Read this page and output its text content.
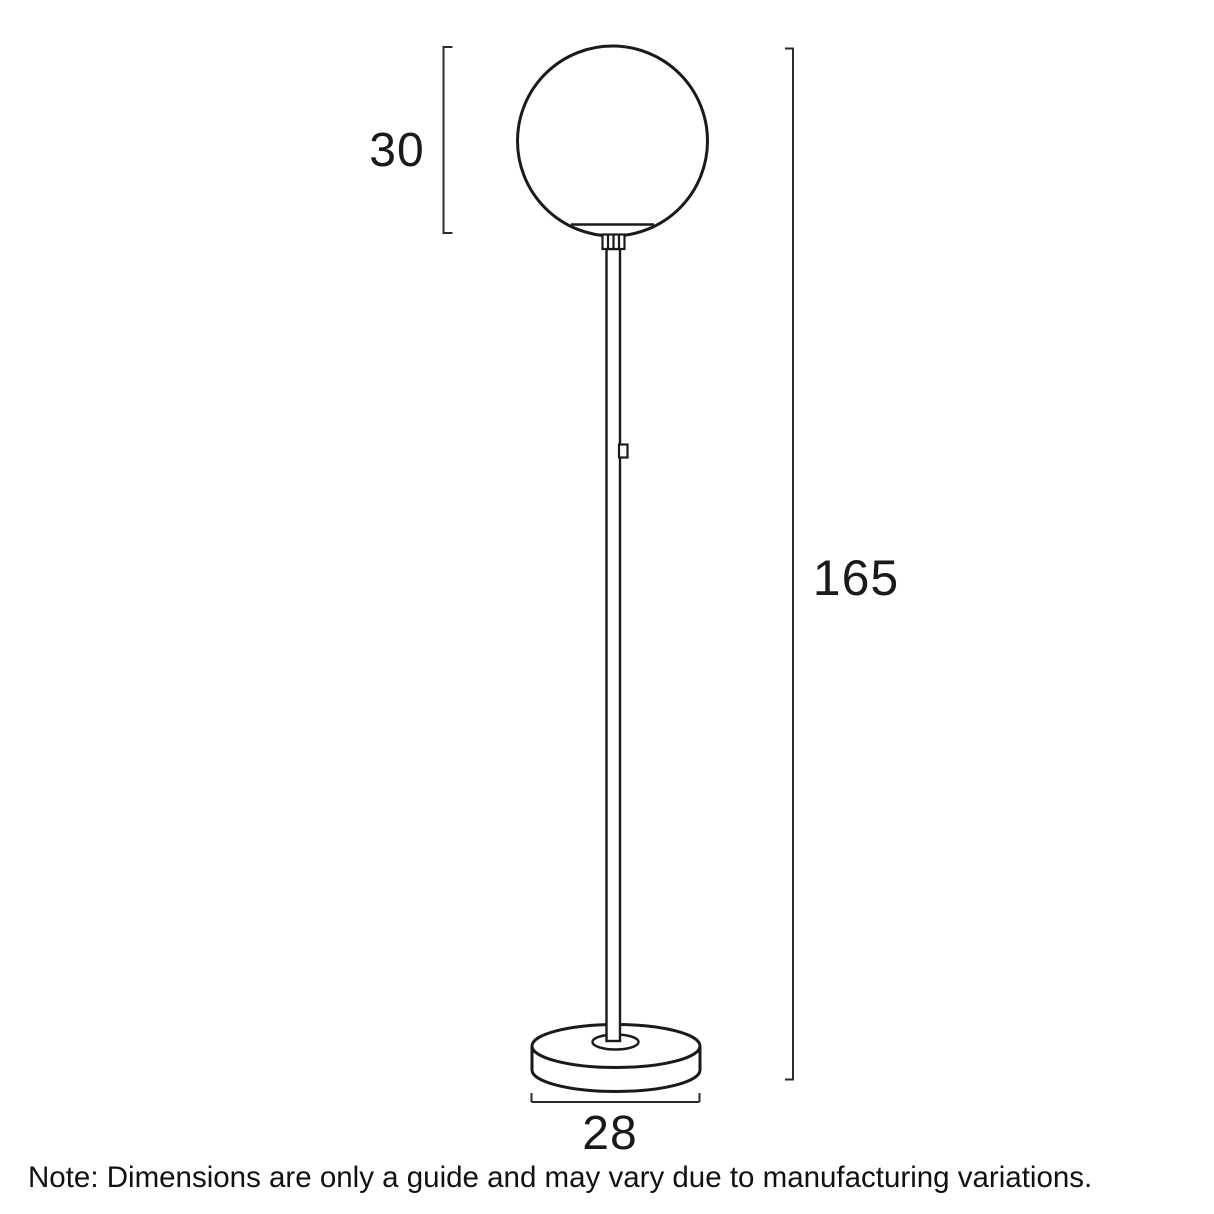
30
165
28
Note: Dimensions are only a guide and may vary due to manufacturing variations.
